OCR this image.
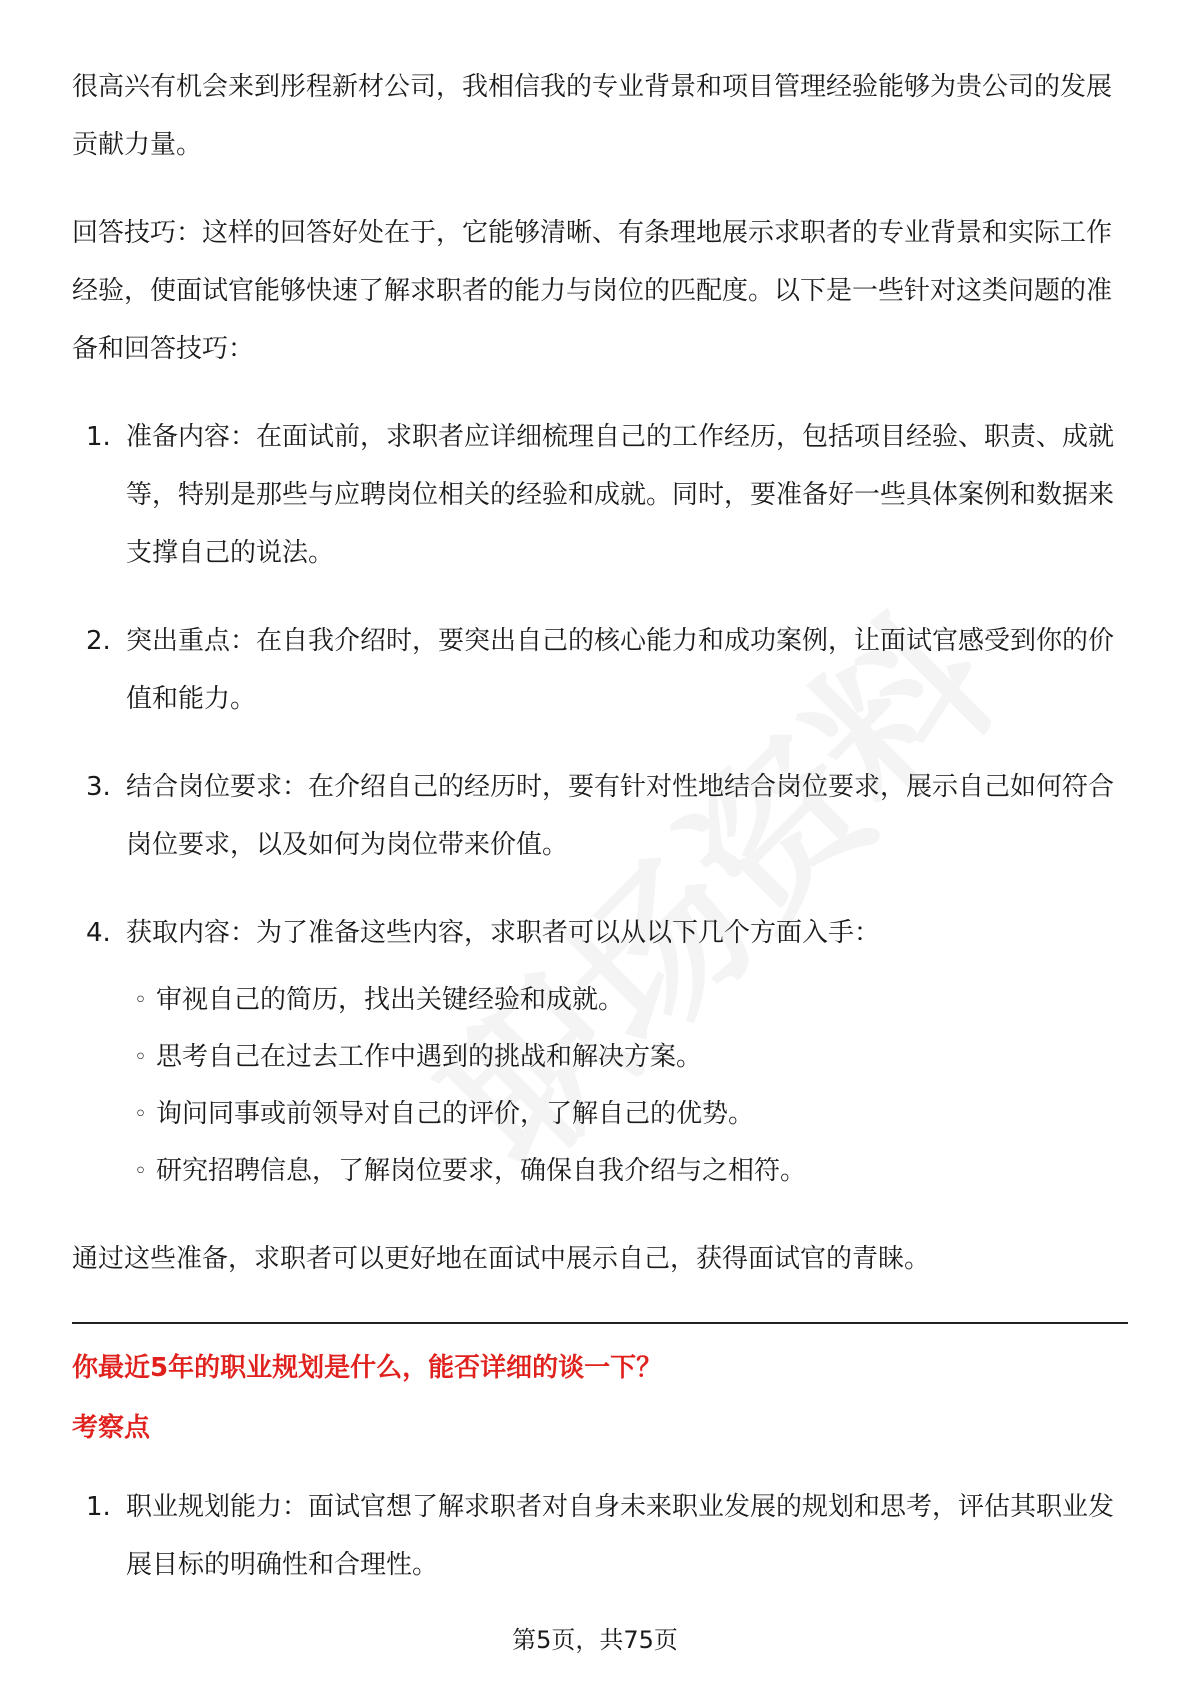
很高兴有机会来到彤程新材公司，我相信我的专业背景和项目管理经验能够为贵公司的发展贡献力量。

回答技巧：这样的回答好处在于，它能够清晰、有条理地展示求职者的专业背景和实际工作经验，使面试官能够快速了解求职者的能力与岗位的匹配度。以下是一些针对这类问题的准备和回答技巧：

1. 准备内容：在面试前，求职者应详细梳理自己的工作经历，包括项目经验、职责、成就等，特别是那些与应聘岗位相关的经验和成就。同时，要准备好一些具体案例和数据来支撑自己的说法。
2. 突出重点：在自我介绍时，要突出自己的核心能力和成功案例，让面试官感受到你的价值和能力。
3. 结合岗位要求：在介绍自己的经历时，要有针对性地结合岗位要求，展示自己如何符合岗位要求，以及如何为岗位带来价值。
4. 获取内容：为了准备这些内容，求职者可以从以下几个方面入手：
◦ 审视自己的简历，找出关键经验和成就。
◦ 思考自己在过去工作中遇到的挑战和解决方案。
◦ 询问同事或前领导对自己的评价，了解自己的优势。
◦ 研究招聘信息，了解岗位要求，确保自我介绍与之相符。

通过这些准备，求职者可以更好地在面试中展示自己，获得面试官的青睐。

你最近5年的职业规划是什么，能否详细的谈一下？
考察点
1. 职业规划能力：面试官想了解求职者对自身未来职业发展的规划和思考，评估其职业发展目标的明确性和合理性。
第5页，共75页
